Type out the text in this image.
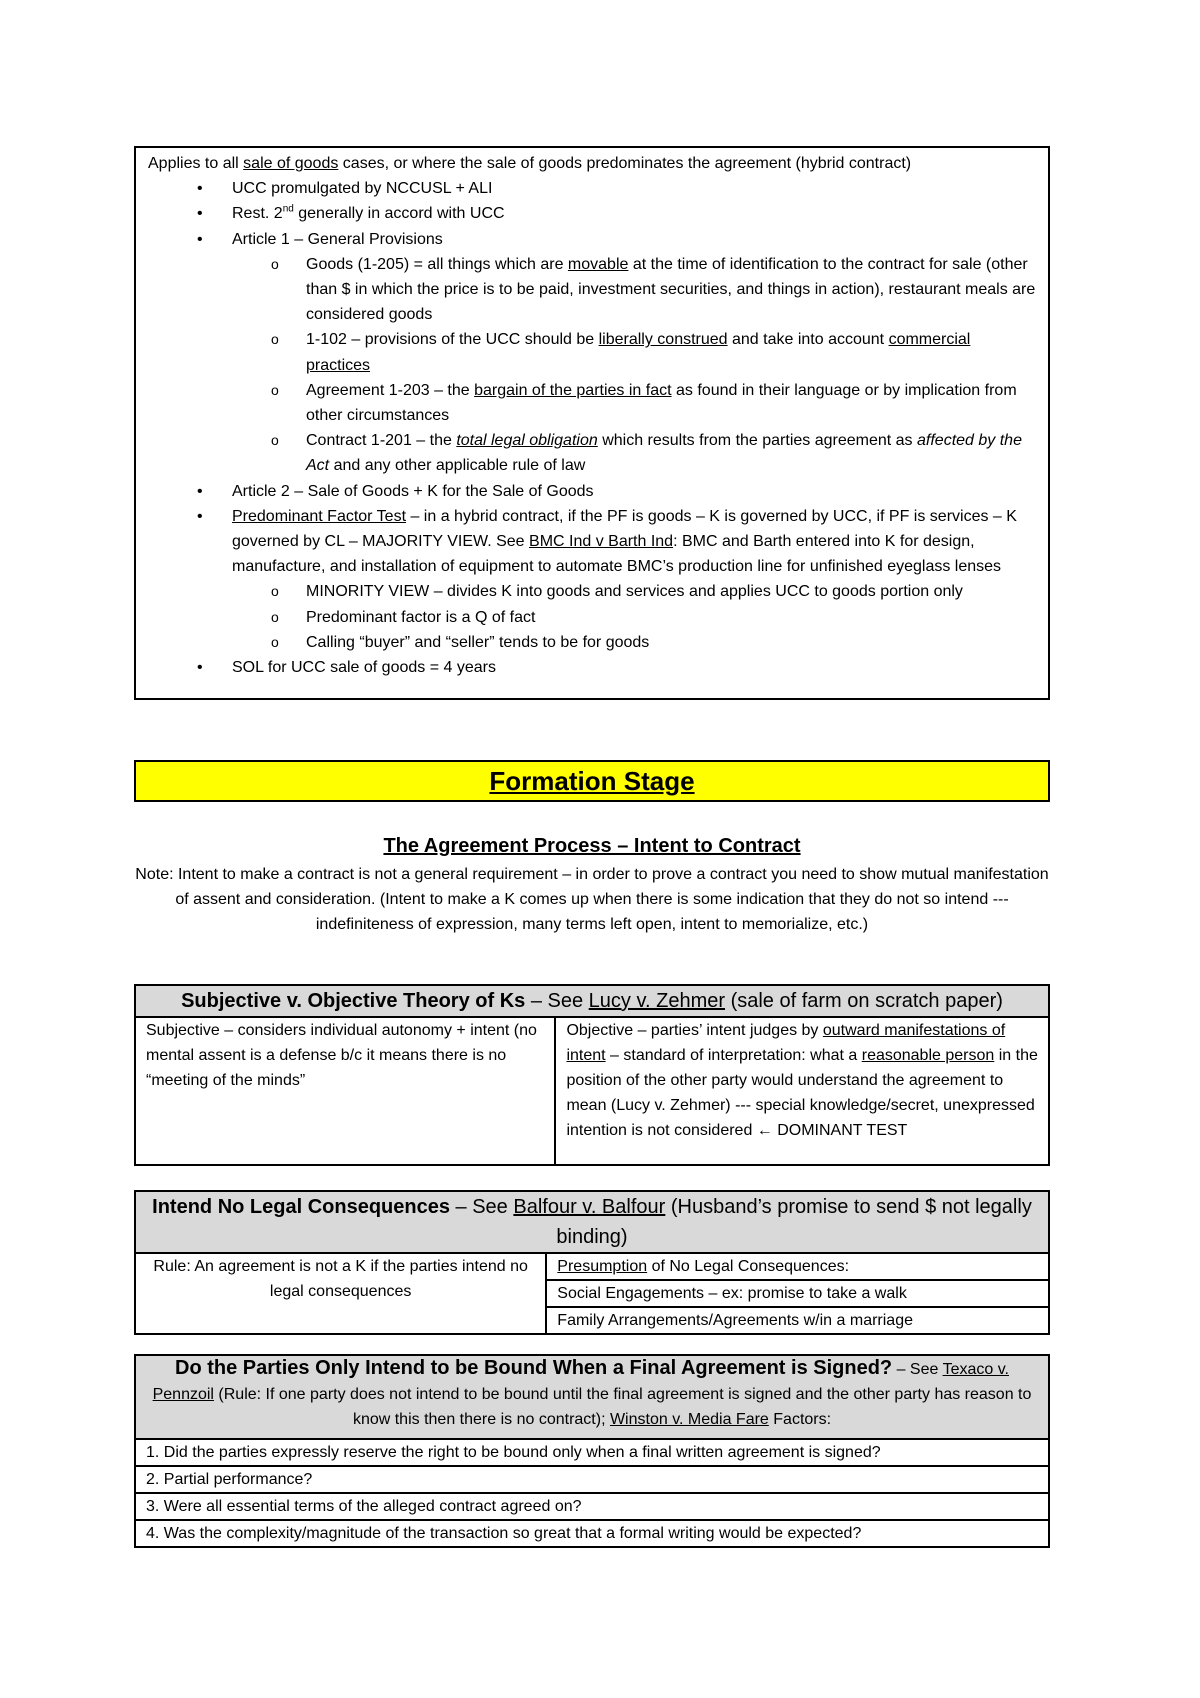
Applies to all sale of goods cases, or where the sale of goods predominates the agreement (hybrid contract)
• UCC promulgated by NCCUSL + ALI
• Rest. 2nd generally in accord with UCC
• Article 1 – General Provisions
o Goods (1-205) = all things which are movable at the time of identification to the contract for sale (other than $ in which the price is to be paid, investment securities, and things in action), restaurant meals are considered goods
o 1-102 – provisions of the UCC should be liberally construed and take into account commercial practices
o Agreement 1-203 – the bargain of the parties in fact as found in their language or by implication from other circumstances
o Contract 1-201 – the total legal obligation which results from the parties agreement as affected by the Act and any other applicable rule of law
• Article 2 – Sale of Goods + K for the Sale of Goods
• Predominant Factor Test – in a hybrid contract, if the PF is goods – K is governed by UCC, if PF is services – K governed by CL – MAJORITY VIEW. See BMC Ind v Barth Ind: BMC and Barth entered into K for design, manufacture, and installation of equipment to automate BMC’s production line for unfinished eyeglass lenses
o MINORITY VIEW – divides K into goods and services and applies UCC to goods portion only
o Predominant factor is a Q of fact
o Calling “buyer” and “seller” tends to be for goods
• SOL for UCC sale of goods = 4 years
Formation Stage
The Agreement Process – Intent to Contract
Note: Intent to make a contract is not a general requirement – in order to prove a contract you need to show mutual manifestation of assent and consideration. (Intent to make a K comes up when there is some indication that they do not so intend --- indefiniteness of expression, many terms left open, intent to memorialize, etc.)
Subjective v. Objective Theory of Ks – See Lucy v. Zehmer (sale of farm on scratch paper)
Subjective – considers individual autonomy + intent (no mental assent is a defense b/c it means there is no “meeting of the minds”	Objective – parties’ intent judges by outward manifestations of intent – standard of interpretation: what a reasonable person in the position of the other party would understand the agreement to mean (Lucy v. Zehmer) --- special knowledge/secret, unexpressed intention is not considered ← DOMINANT TEST
Intend No Legal Consequences – See Balfour v. Balfour (Husband’s promise to send $ not legally binding)
Rule: An agreement is not a K if the parties intend no legal consequences	Presumption of No Legal Consequences:
Social Engagements – ex: promise to take a walk
Family Arrangements/Agreements w/in a marriage
Do the Parties Only Intend to be Bound When a Final Agreement is Signed? – See Texaco v. Pennzoil (Rule: If one party does not intend to be bound until the final agreement is signed and the other party has reason to know this then there is no contract); Winston v. Media Fare Factors:
1. Did the parties expressly reserve the right to be bound only when a final written agreement is signed?
2. Partial performance?
3. Were all essential terms of the alleged contract agreed on?
4. Was the complexity/magnitude of the transaction so great that a formal writing would be expected?
